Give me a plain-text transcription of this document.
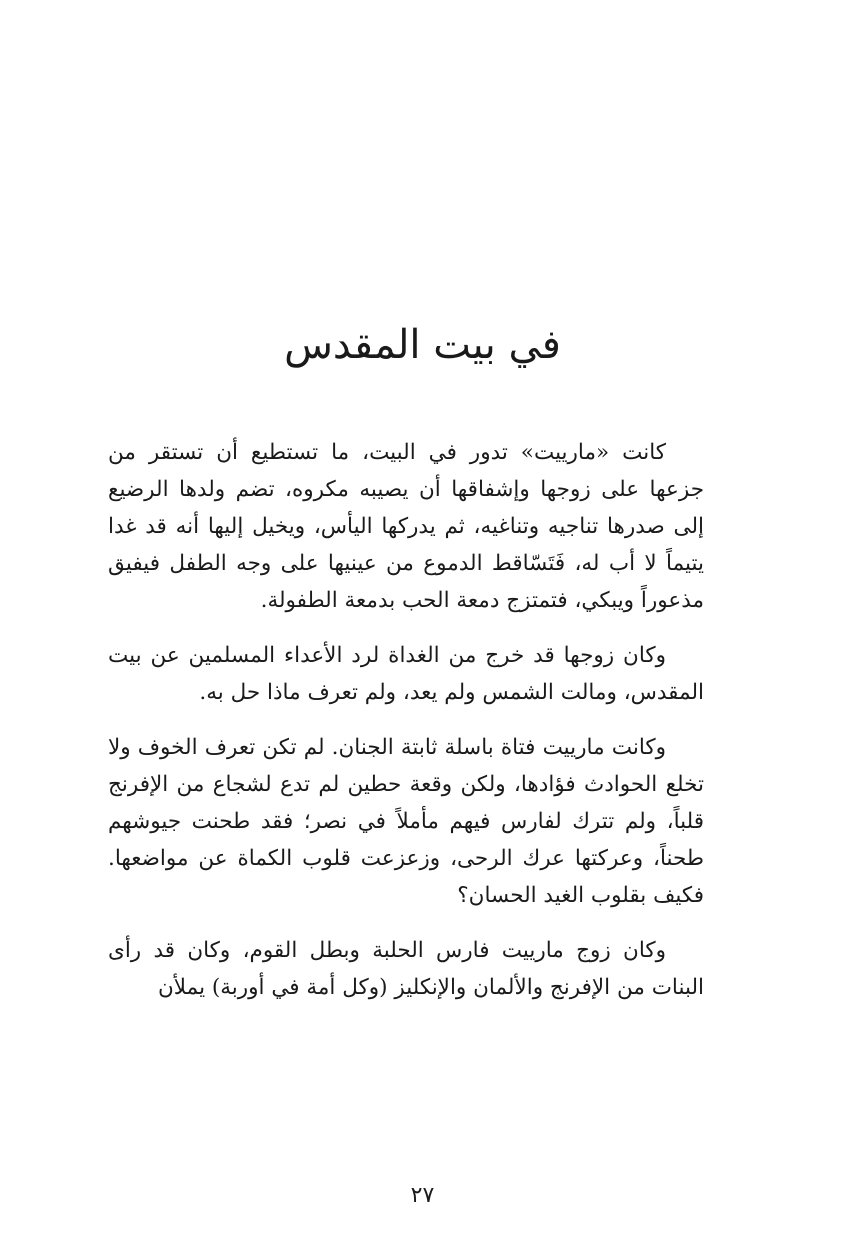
في بيت المقدس

كانت «مارييت» تدور في البيت، ما تستطيع أن تستقر من جزعها على زوجها وإشفاقها أن يصيبه مكروه، تضم ولدها الرضيع إلى صدرها تناجيه وتناغيه، ثم يدركها اليأس، ويخيل إليها أنه قد غدا يتيماً لا أب له، فَتَسّاقط الدموع من عينيها على وجه الطفل فيفيق مذعوراً ويبكي، فتمتزج دمعة الحب بدمعة الطفولة.

وكان زوجها قد خرج من الغداة لرد الأعداء المسلمين عن بيت المقدس، ومالت الشمس ولم يعد، ولم تعرف ماذا حل به.

وكانت مارييت فتاة باسلة ثابتة الجنان. لم تكن تعرف الخوف ولا تخلع الحوادث فؤادها، ولكن وقعة حطين لم تدع لشجاع من الإفرنج قلباً، ولم تترك لفارس فيهم مأملاً في نصر؛ فقد طحنت جيوشهم طحناً، وعركتها عرك الرحى، وزعزعت قلوب الكماة عن مواضعها. فكيف بقلوب الغيد الحسان؟

وكان زوج مارييت فارس الحلبة وبطل القوم، وكان قد رأى البنات من الإفرنج والألمان والإنكليز (وكل أمة في أوربة) يملأن

٢٧
